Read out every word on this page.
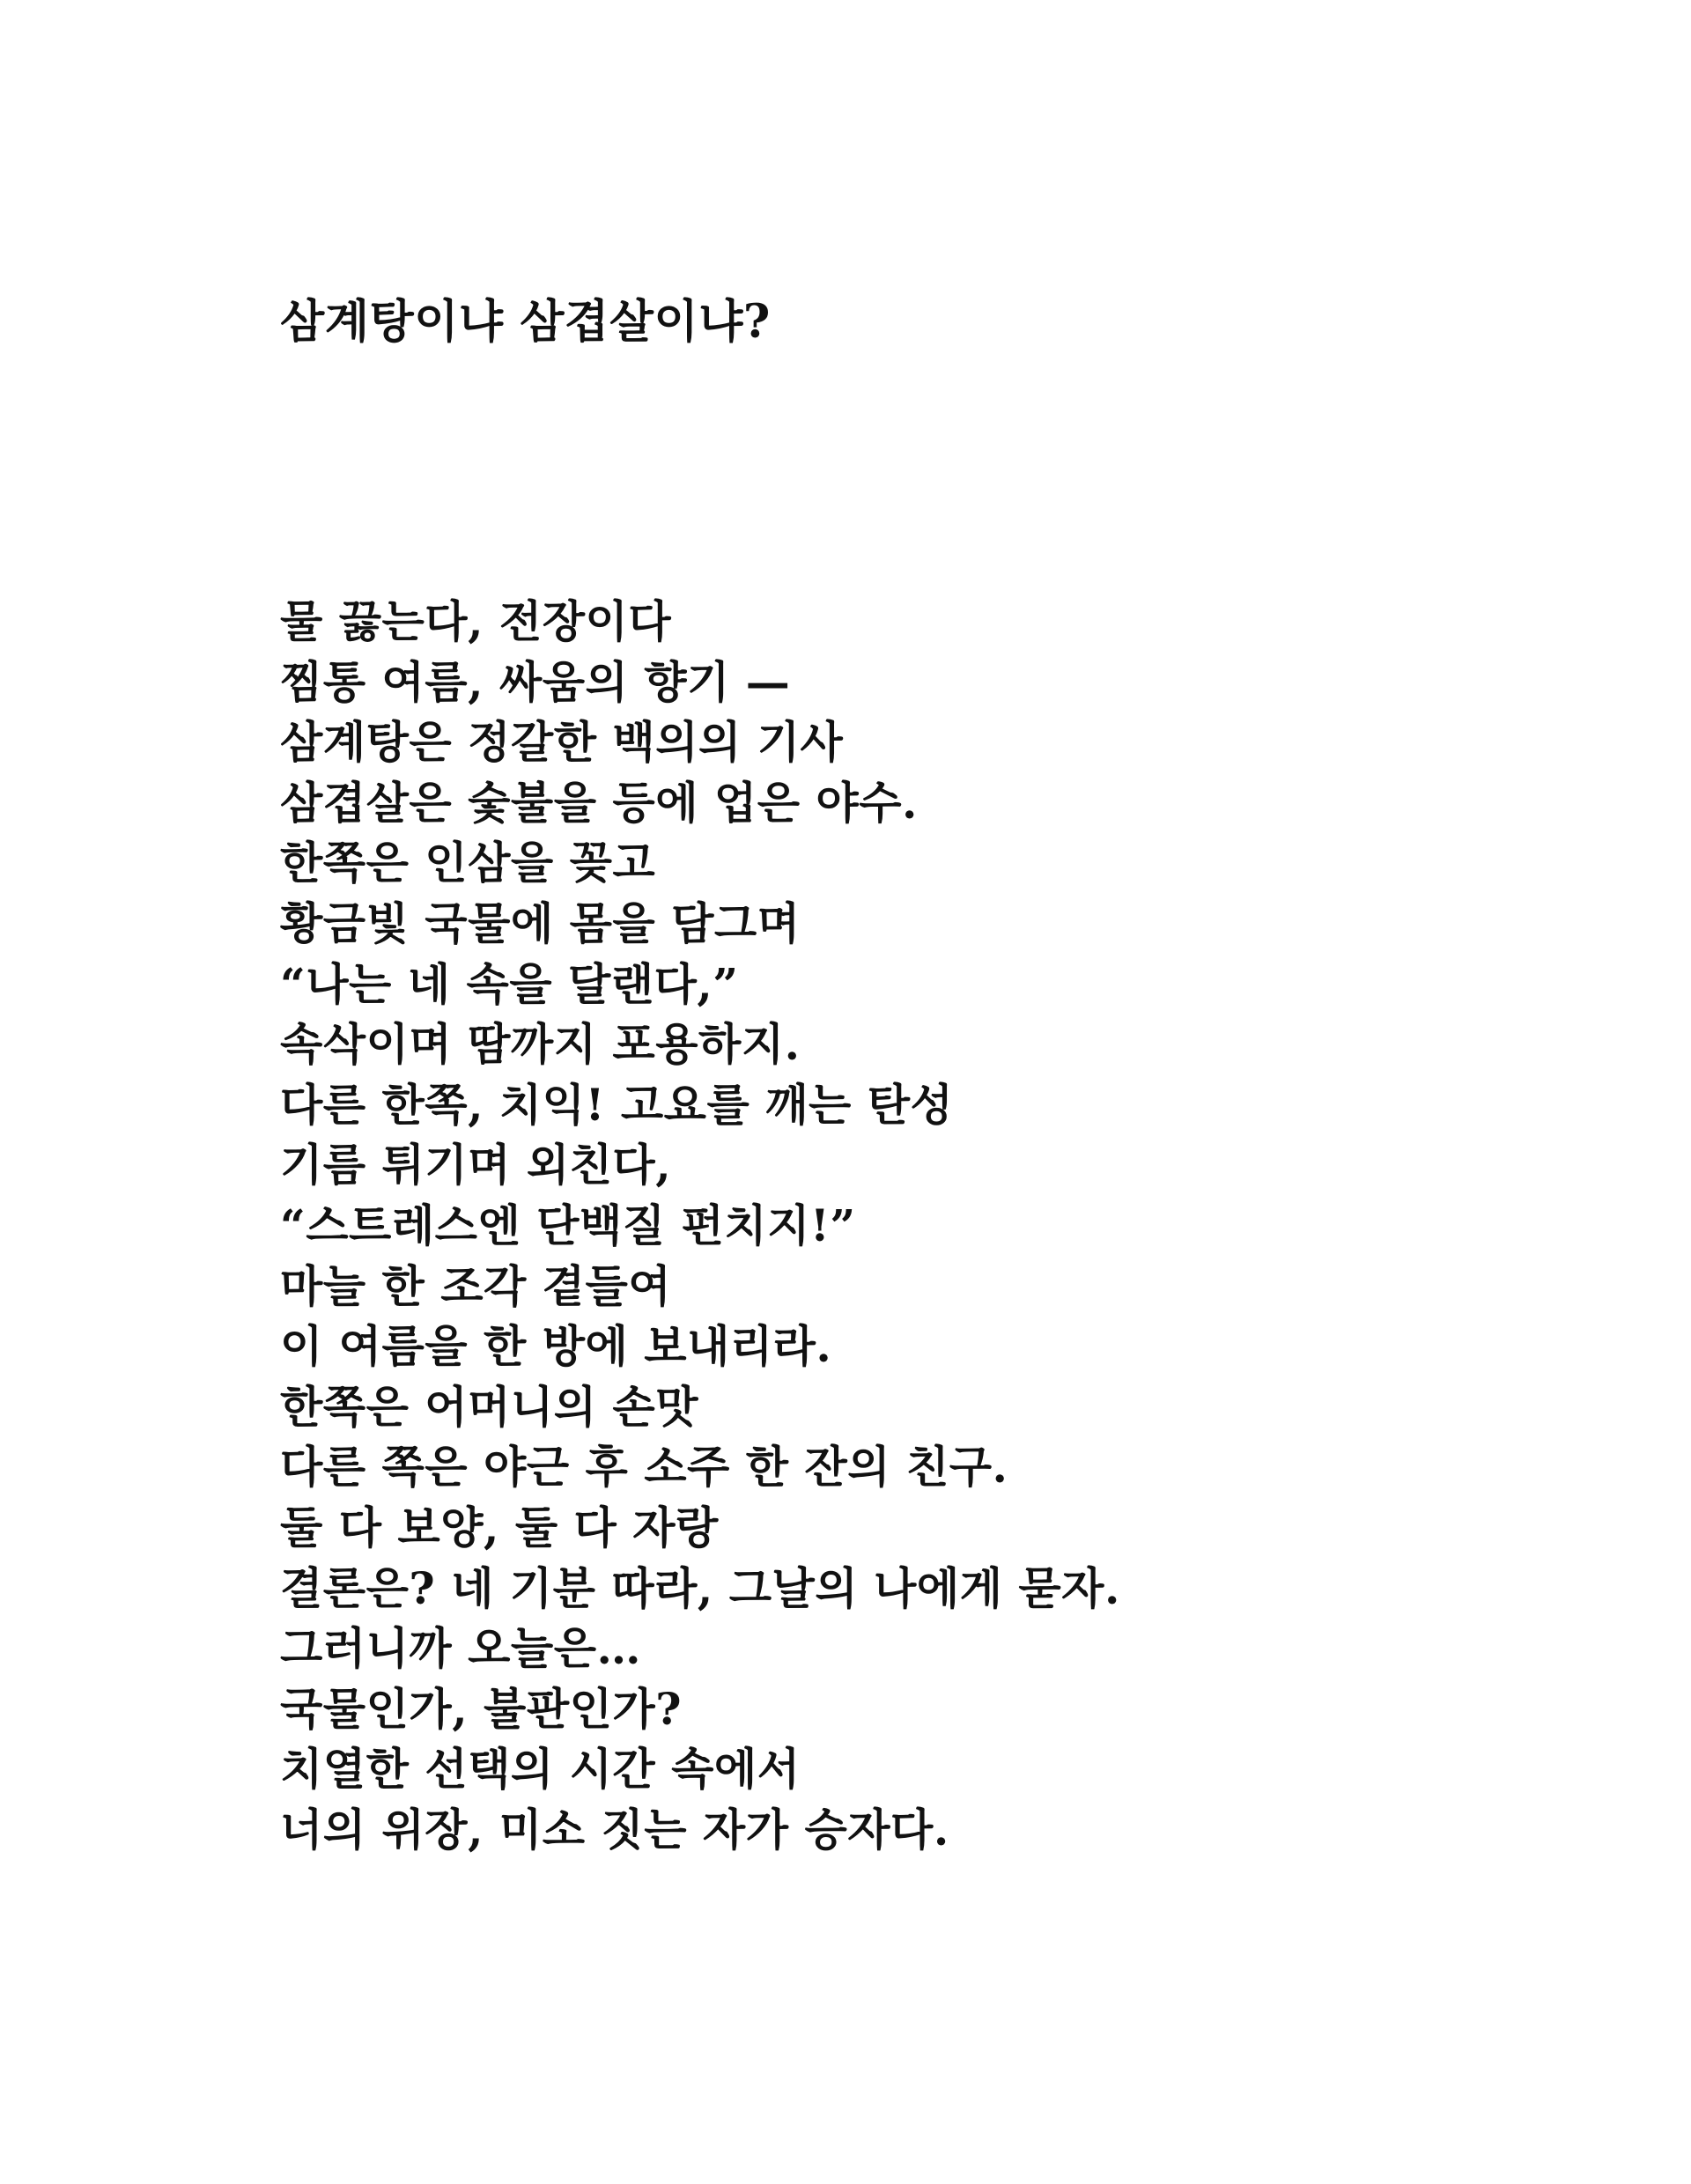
삼계탕이냐 삼겹살이냐?
물 끓는다, 전장이다
찜통 여름, 싸움의 향기 —
삼계탕은 정갈한 백의의 기사
삼겹살은 숯불을 등에 업은 야수.
한쪽은 인삼을 꽂고
황금빛 국물에 몸을 담그며
“나는 네 속을 달랜다,”
속삭이며 땀까지 포용하지.
다른 한쪽, 치익! 고요를 깨는 탄성
기름 튀기며 외친다,
“스트레스엔 단백질 펀치지!”
마늘 한 조각 곁들여
이 여름을 한 방에 보내리라.
한쪽은 어머니의 손맛
다른 쪽은 야근 후 소주 한 잔의 친구.
둘 다 보양, 둘 다 자랑
결론은? 네 기분 따라, 그날의 나에게 묻자.
그러니까 오늘은…
국물인가, 불판인가?
치열한 선택의 시간 속에서
너의 위장, 미소 짓는 자가 승자다.
